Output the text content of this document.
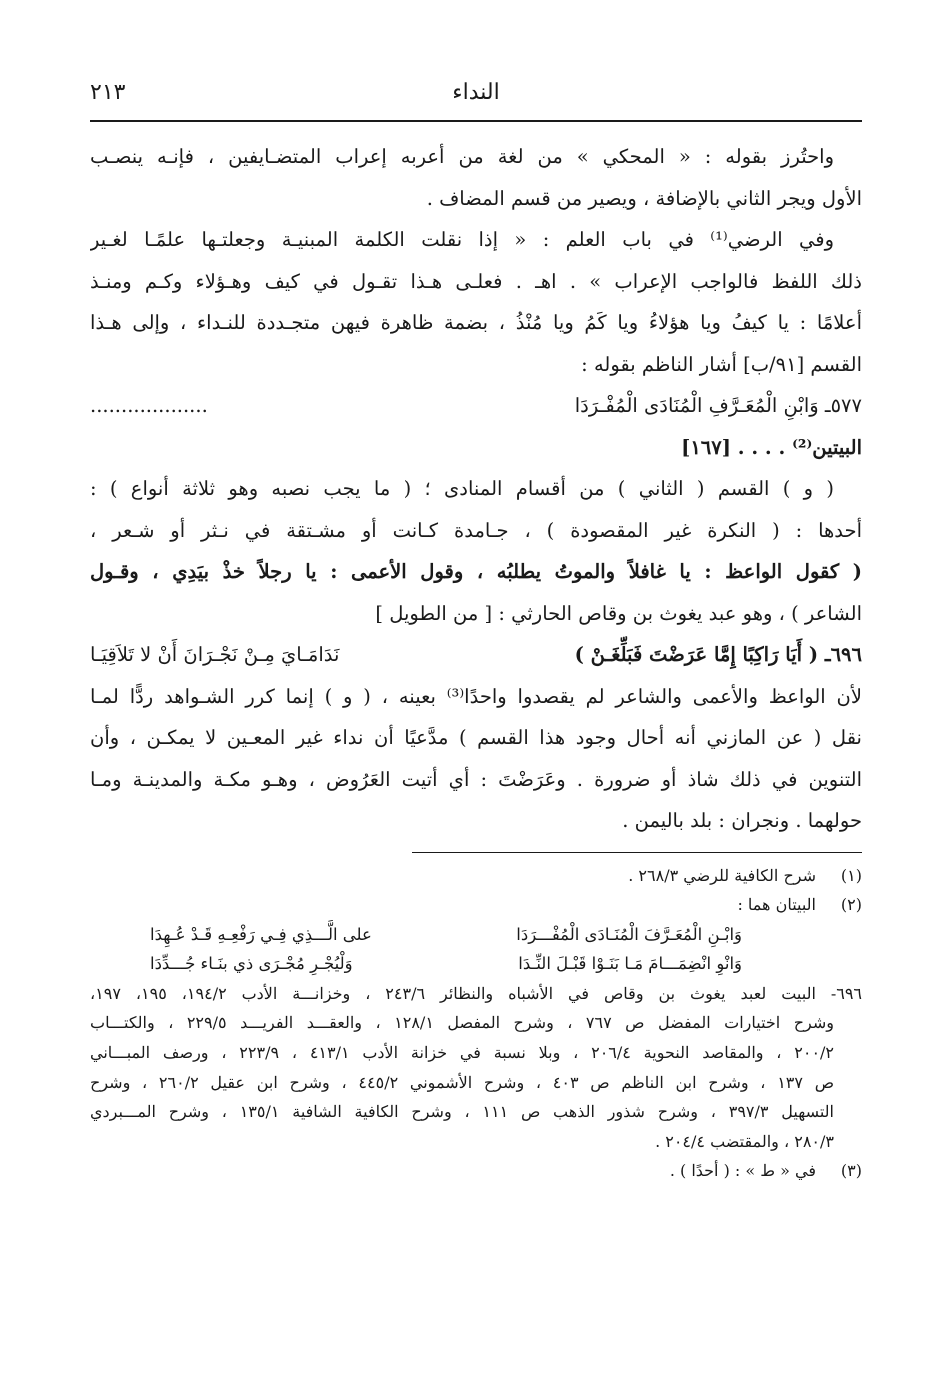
النداء
٢١٣
واحتُرز بقوله : « المحكي » من لغة من أعربه إعراب المتضـايفين ، فإنـه ينصـب
الأول ويجر الثاني بالإضافة ، ويصير من قسم المضاف .
وفي الرضي⁽¹⁾ في باب العلم : « إذا نقلت الكلمة المبنيـة وجعلتـها علمًـا لغـير
ذلك اللفظ فالواجب الإعراب » . اهـ . فعلـى هـذا تقـول في كيف وهـؤلاء وكـم ومنـذ
أعلامًا : يا كيفُ ويا هؤلاءُ ويا كَمُ ويا مُنْذُ ، بضمة ظاهرة فيهن متجـددة للنـداء ، وإلى هـذا
القسم [٩١/ب] أشار الناظم بقوله :
٥٧٧ـ وَابْنِ الْمُعَـرَّفِ الْمُنَادَى الْمُفْـرَدَا
...................
البيتين⁽²⁾ . . . . [١٦٧]
( و ) القسم ( الثاني ) من أقسام المنادى ؛ ( ما يجب نصبه وهو ثلاثة أنواع ) :
أحدها : ( النكرة غير المقصودة ) ، جـامدة كـانت أو مشـتقة في نـثر أو شـعر ،
( كقول الواعظ : يا غافلاً والموتُ يطلبُه ، وقول الأعمى : يا رجلاً خذْ بيَدِي ، وقـول
الشاعر ) ، وهو عبد يغوث بن وقاص الحارثي : [ من الطويل ]
٦٩٦ـ ( أَيَا رَاكِبًا إِمَّا عَرَضْتَ فَبَلِّغَـنْ )
نَدَامَـايَ مِـنْ نَجْـرَانَ أَنْ لا تَلاَقِيَـا
لأن الواعظ والأعمى والشاعر لم يقصدوا واحدًا⁽³⁾ بعينه ، ( و ) إنما كرر الشـواهد ردًّا لمـا
نقل ( عن المازني أنه أحال وجود هذا القسم ) مدَّعيًا أن نداء غير المعـين لا يمكـن ، وأن
التنوين في ذلك شاذ أو ضرورة . وعَرَضْتَ : أي أتيت العَرُوض ، وهـو مكـة والمدينـة ومـا
حولهما . ونجران : بلد باليمن .
(١)شرح الكافية للرضي ٢٦٨/٣ .
(٢)البيتان هما :
وَابْـنِ الْمُعَـرَّفَ الْمُنَـادَى الْمُفْـــرَدَا
على الَّـــذِي فِـي رَفْعِـهِ قَـدْ عُـهِدَا
وَانْوِ انْضِمَـــامَ مَـا بَنَـوْا قَبْـلَ النِّـدَا
وَلْيُجْـرِ مُجْـرَى ذي بنَـاء جُـــدِّدَا
٦٩٦- البيت لعبد يغوث بن وقاص في الأشباه والنظائر ٢٤٣/٦ ، وخزانـــة الأدب ١٩٤/٢، ١٩٥، ١٩٧،
وشرح اختيارات المفضل ص ٧٦٧ ، وشرح المفصل ١٢٨/١ ، والعقـــد الفريـــد ٢٢٩/٥ ، والكتـــاب
٢٠٠/٢ ، والمقاصد النحوية ٢٠٦/٤ ، وبلا نسبة في خزانة الأدب ٤١٣/١ ، ٢٢٣/٩ ، ورصف المبـــاني
ص ١٣٧ ، وشرح ابن الناظم ص ٤٠٣ ، وشرح الأشموني ٤٤٥/٢ ، وشرح ابن عقيل ٢٦٠/٢ ، وشرح
التسهيل ٣٩٧/٣ ، وشرح شذور الذهب ص ١١١ ، وشرح الكافية الشافية ١٣٥/١ ، وشرح المـــبردي
٢٨٠/٣ ، والمقتضب ٢٠٤/٤ .
(٣)في « ط » : ( أحدًا ) .
